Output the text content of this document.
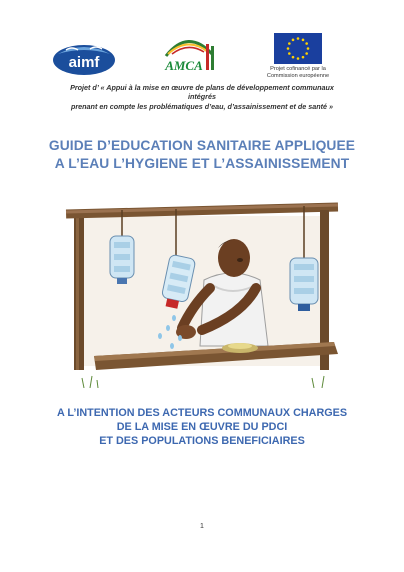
aimf	AMCA	Projet cofinancé par la
Commission européenne
Projet d’ « Appui à la mise en œuvre de plans de développement communaux
intégrés
prenant en compte les problématiques d’eau, d’assainissement et de santé »
GUIDE D’EDUCATION SANITAIRE APPLIQUEE
A L’EAU L’HYGIENE ET L’ASSAINISSEMENT
A L’INTENTION DES ACTEURS COMMUNAUX CHARGES
DE LA MISE EN ŒUVRE DU PDCI
ET DES POPULATIONS BENEFICIAIRES
1
